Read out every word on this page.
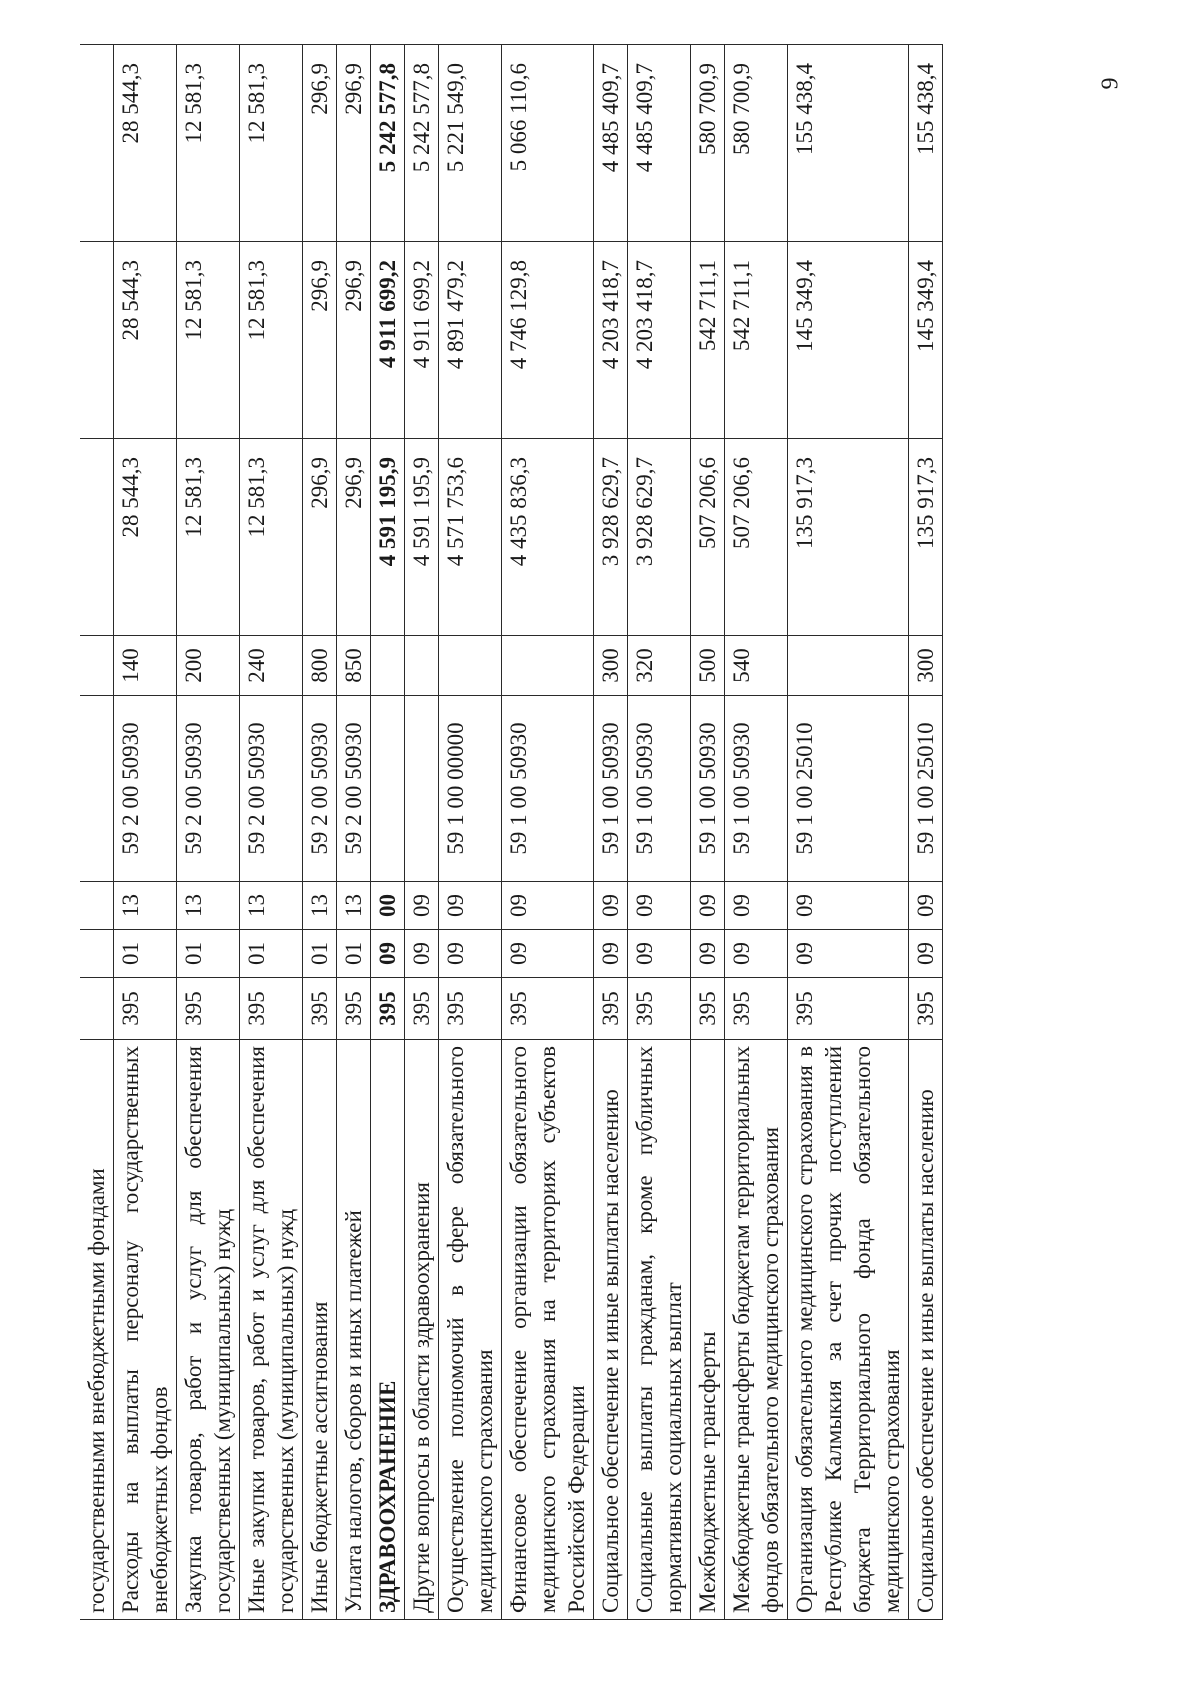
государственными внебюджетными фондами								
Расходы на выплаты персоналу государственных внебюджетных фондов	395	01	13	59 2 00 50930	140	28 544,3	28 544,3	28 544,3
Закупка товаров, работ и услуг для обеспечения государственных (муниципальных) нужд	395	01	13	59 2 00 50930	200	12 581,3	12 581,3	12 581,3
Иные закупки товаров, работ и услуг для обеспечения государственных (муниципальных) нужд	395	01	13	59 2 00 50930	240	12 581,3	12 581,3	12 581,3
Иные бюджетные ассигнования	395	01	13	59 2 00 50930	800	296,9	296,9	296,9
Уплата налогов, сборов и иных платежей	395	01	13	59 2 00 50930	850	296,9	296,9	296,9
ЗДРАВООХРАНЕНИЕ	395	09	00			4 591 195,9	4 911 699,2	5 242 577,8
Другие вопросы в области здравоохранения	395	09	09			4 591 195,9	4 911 699,2	5 242 577,8
Осуществление полномочий в сфере обязательного медицинского страхования	395	09	09	59 1 00 00000		4 571 753,6	4 891 479,2	5 221 549,0
Финансовое обеспечение организации обязательного медицинского страхования на территориях субъектов Российской Федерации	395	09	09	59 1 00 50930		4 435 836,3	4 746 129,8	5 066 110,6
Социальное обеспечение и иные выплаты населению	395	09	09	59 1 00 50930	300	3 928 629,7	4 203 418,7	4 485 409,7
Социальные выплаты гражданам, кроме публичных нормативных социальных выплат	395	09	09	59 1 00 50930	320	3 928 629,7	4 203 418,7	4 485 409,7
Межбюджетные трансферты	395	09	09	59 1 00 50930	500	507 206,6	542 711,1	580 700,9
Межбюджетные трансферты бюджетам территориальных фондов обязательного медицинского страхования	395	09	09	59 1 00 50930	540	507 206,6	542 711,1	580 700,9
Организация обязательного медицинского страхования в Республике Калмыкия за счет прочих поступлений бюджета Территориального фонда обязательного медицинского страхования	395	09	09	59 1 00 25010		135 917,3	145 349,4	155 438,4
Социальное обеспечение и иные выплаты населению	395	09	09	59 1 00 25010	300	135 917,3	145 349,4	155 438,4	9
